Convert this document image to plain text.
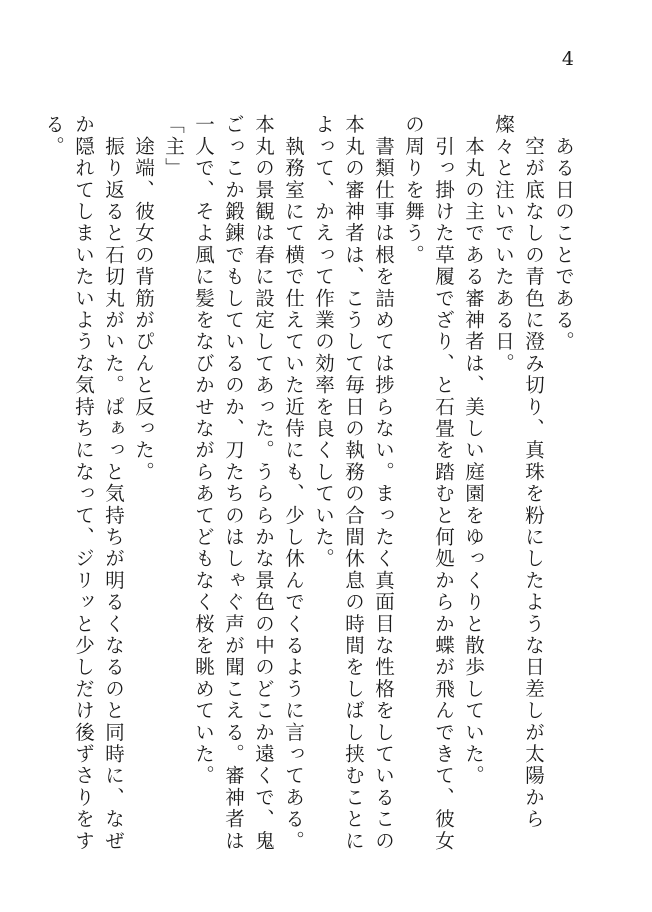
4

　ある日のことである。

　空が底なしの青色に澄み切り、真珠を粉にしたような日差しが太陽から燦々と注いでいたある日。

　本丸の主である審神者は、美しい庭園をゆっくりと散歩していた。

　引っ掛けた草履でざり、と石畳を踏むと何処からか蝶が飛んできて、彼女の周りを舞う。

　書類仕事は根を詰めては捗らない。まったく真面目な性格をしているこの本丸の審神者は、こうして毎日の執務の合間休息の時間をしばし挟むことによって、かえって作業の効率を良くしていた。

　執務室にて横で仕えていた近侍にも、少し休んでくるように言ってある。本丸の景観は春に設定してあった。うららかな景色の中のどこか遠くで、鬼ごっこか鍛錬でもしているのか、刀たちのはしゃぐ声が聞こえる。審神者は一人で、そよ風に髪をなびかせながらあてどもなく桜を眺めていた。

「主」

　途端、彼女の背筋がぴんと反った。

　振り返ると石切丸がいた。ぱぁっと気持ちが明るくなるのと同時に、なぜか隠れてしまいたいような気持ちになって、ジリッと少しだけ後ずさりをする。
